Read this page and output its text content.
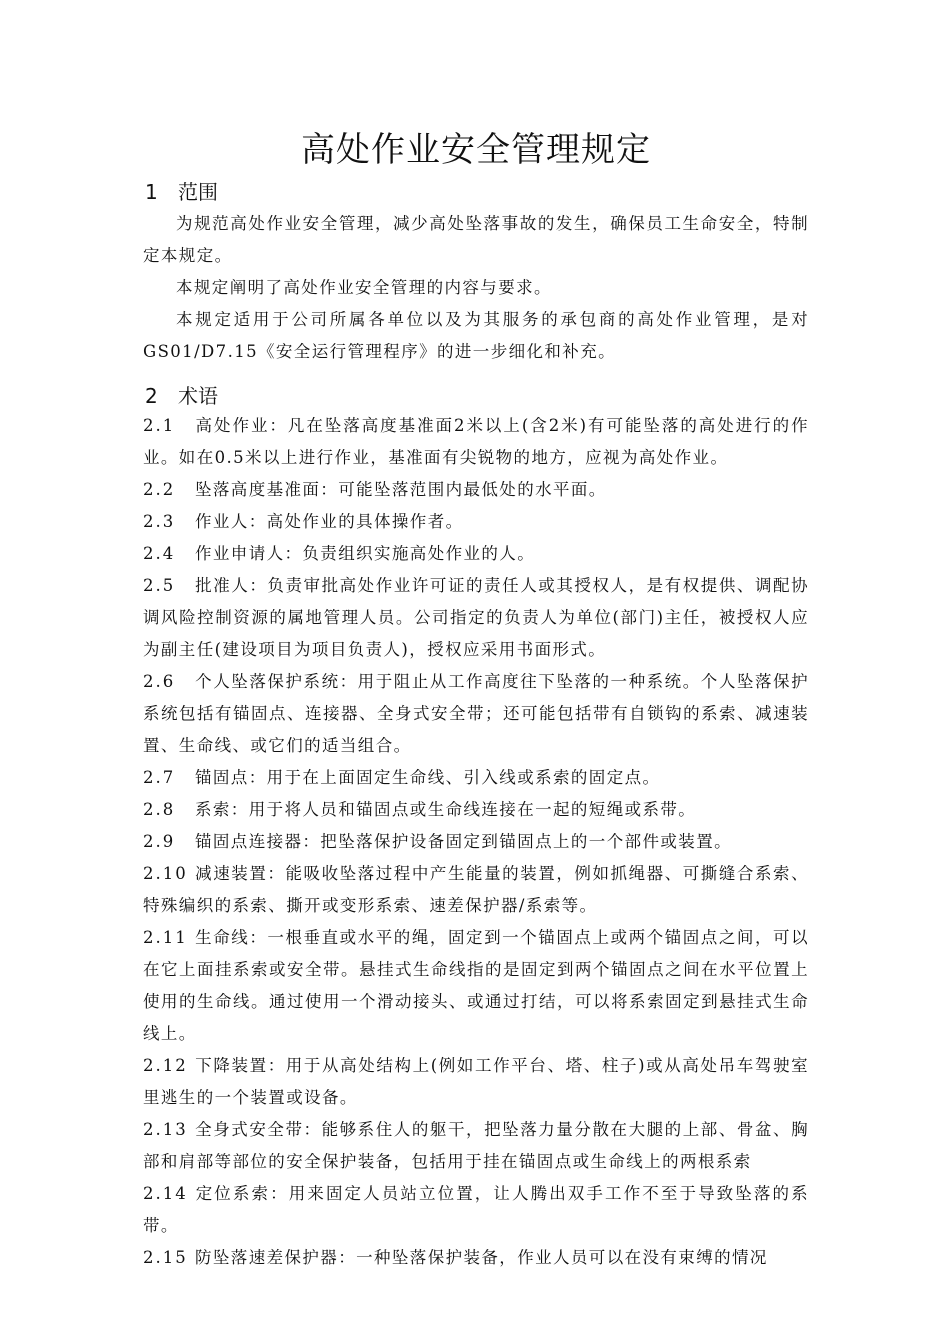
高处作业安全管理规定
1 范围

为规范高处作业安全管理，减少高处坠落事故的发生，确保员工生命安全，特制定本规定。

本规定阐明了高处作业安全管理的内容与要求。

本规定适用于公司所属各单位以及为其服务的承包商的高处作业管理，是对GS01/D7.15《安全运行管理程序》的进一步细化和补充。

2 术语

2.1 高处作业：凡在坠落高度基准面2米以上(含2米)有可能坠落的高处进行的作业。如在0.5米以上进行作业，基准面有尖锐物的地方，应视为高处作业。

2.2 坠落高度基准面：可能坠落范围内最低处的水平面。

2.3 作业人：高处作业的具体操作者。

2.4 作业申请人：负责组织实施高处作业的人。

2.5 批准人：负责审批高处作业许可证的责任人或其授权人，是有权提供、调配协调风险控制资源的属地管理人员。公司指定的负责人为单位(部门)主任，被授权人应为副主任(建设项目为项目负责人)，授权应采用书面形式。

2.6 个人坠落保护系统：用于阻止从工作高度往下坠落的一种系统。个人坠落保护系统包括有锚固点、连接器、全身式安全带；还可能包括带有自锁钩的系索、减速装置、生命线、或它们的适当组合。

2.7 锚固点：用于在上面固定生命线、引入线或系索的固定点。

2.8 系索：用于将人员和锚固点或生命线连接在一起的短绳或系带。

2.9 锚固点连接器：把坠落保护设备固定到锚固点上的一个部件或装置。

2.10 减速装置：能吸收坠落过程中产生能量的装置，例如抓绳器、可撕缝合系索、特殊编织的系索、撕开或变形系索、速差保护器/系索等。

2.11 生命线：一根垂直或水平的绳，固定到一个锚固点上或两个锚固点之间，可以在它上面挂系索或安全带。悬挂式生命线指的是固定到两个锚固点之间在水平位置上使用的生命线。通过使用一个滑动接头、或通过打结，可以将系索固定到悬挂式生命线上。

2.12 下降装置：用于从高处结构上(例如工作平台、塔、柱子)或从高处吊车驾驶室里逃生的一个装置或设备。

2.13 全身式安全带：能够系住人的躯干，把坠落力量分散在大腿的上部、骨盆、胸部和肩部等部位的安全保护装备，包括用于挂在锚固点或生命线上的两根系索

2.14 定位系索：用来固定人员站立位置，让人腾出双手工作不至于导致坠落的系带。

2.15 防坠落速差保护器：一种坠落保护装备，作业人员可以在没有束缚的情况
